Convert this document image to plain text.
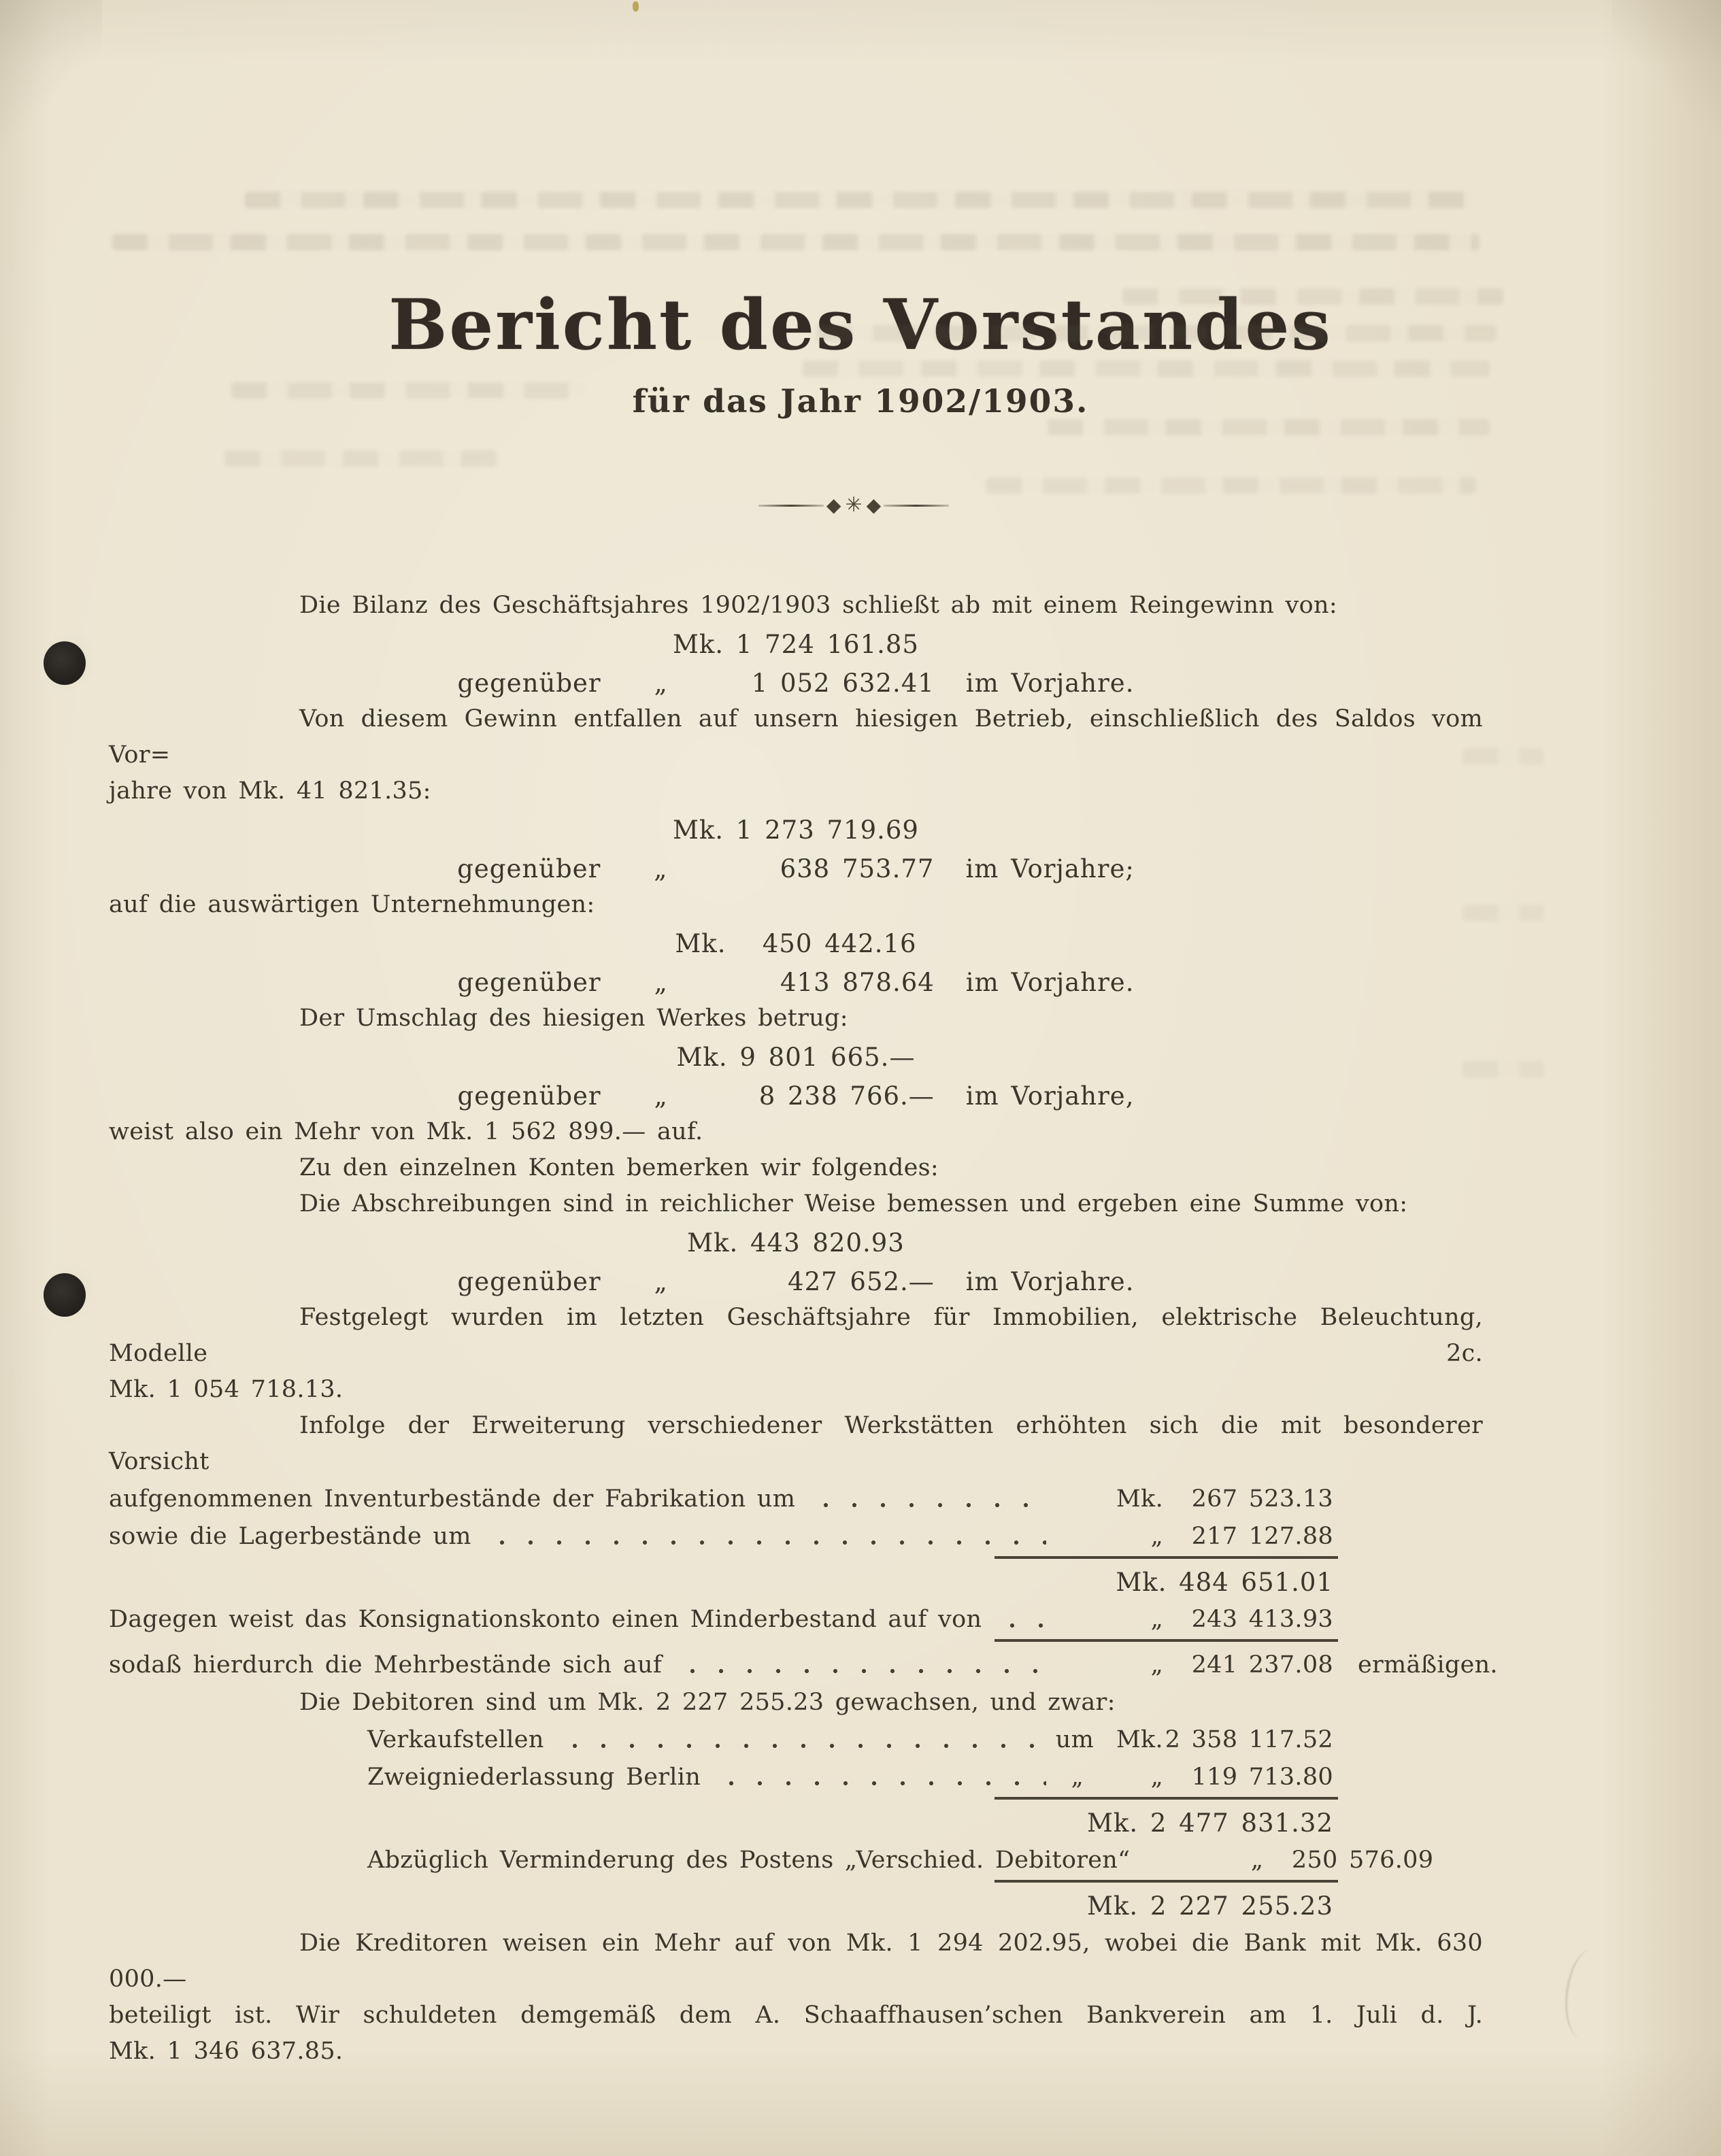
Bericht des Vorstandes
für das Jahr 1902/1903.
◆ ✳ ◆
Die Bilanz des Geschäftsjahres 1902/1903 schließt ab mit einem Reingewinn von:
Mk. 1 724 161.85
gegenüber „	1 052 632.41 im Vorjahre.
Von diesem Gewinn entfallen auf unsern hiesigen Betrieb, einschließlich des Saldos vom Vor=
jahre von Mk. 41 821.35:
Mk. 1 273 719.69
gegenüber „	638 753.77 im Vorjahre;
auf die auswärtigen Unternehmungen:
Mk.   450 442.16
gegenüber „	413 878.64 im Vorjahre.
Der Umschlag des hiesigen Werkes betrug:
Mk. 9 801 665.—
gegenüber „	8 238 766.— im Vorjahre,
weist also ein Mehr von Mk. 1 562 899.— auf.
Zu den einzelnen Konten bemerken wir folgendes:
Die Abschreibungen sind in reichlicher Weise bemessen und ergeben eine Summe von:
Mk. 443 820.93
gegenüber „	427 652.— im Vorjahre.
Festgelegt wurden im letzten Geschäftsjahre für Immobilien, elektrische Beleuchtung, Modelle 2c.
Mk. 1 054 718.13.
Infolge der Erweiterung verschiedener Werkstätten erhöhten sich die mit besonderer Vorsicht
aufgenommenen Inventurbestände der Fabrikation um	Mk.	267 523.13
sowie die Lagerbestände um	„	217 127.88
Mk. 484 651.01
Dagegen weist das Konsignationskonto einen Minderbestand auf von	„	243 413.93
sodaß hierdurch die Mehrbestände sich auf	„	241 237.08 ermäßigen.
Die Debitoren sind um Mk. 2 227 255.23 gewachsen, und zwar:
Verkaufstellen	um  Mk. 2 358 117.52
Zweigniederlassung Berlin	„      „	119 713.80
Mk. 2 477 831.32
Abzüglich Verminderung des Postens „Verschied. Debitoren“	„	250 576.09
Mk. 2 227 255.23
Die Kreditoren weisen ein Mehr auf von Mk. 1 294 202.95, wobei die Bank mit Mk. 630 000.—
beteiligt ist. Wir schuldeten demgemäß dem A. Schaaffhausen’schen Bankverein am 1. Juli d. J.
Mk. 1 346 637.85.
